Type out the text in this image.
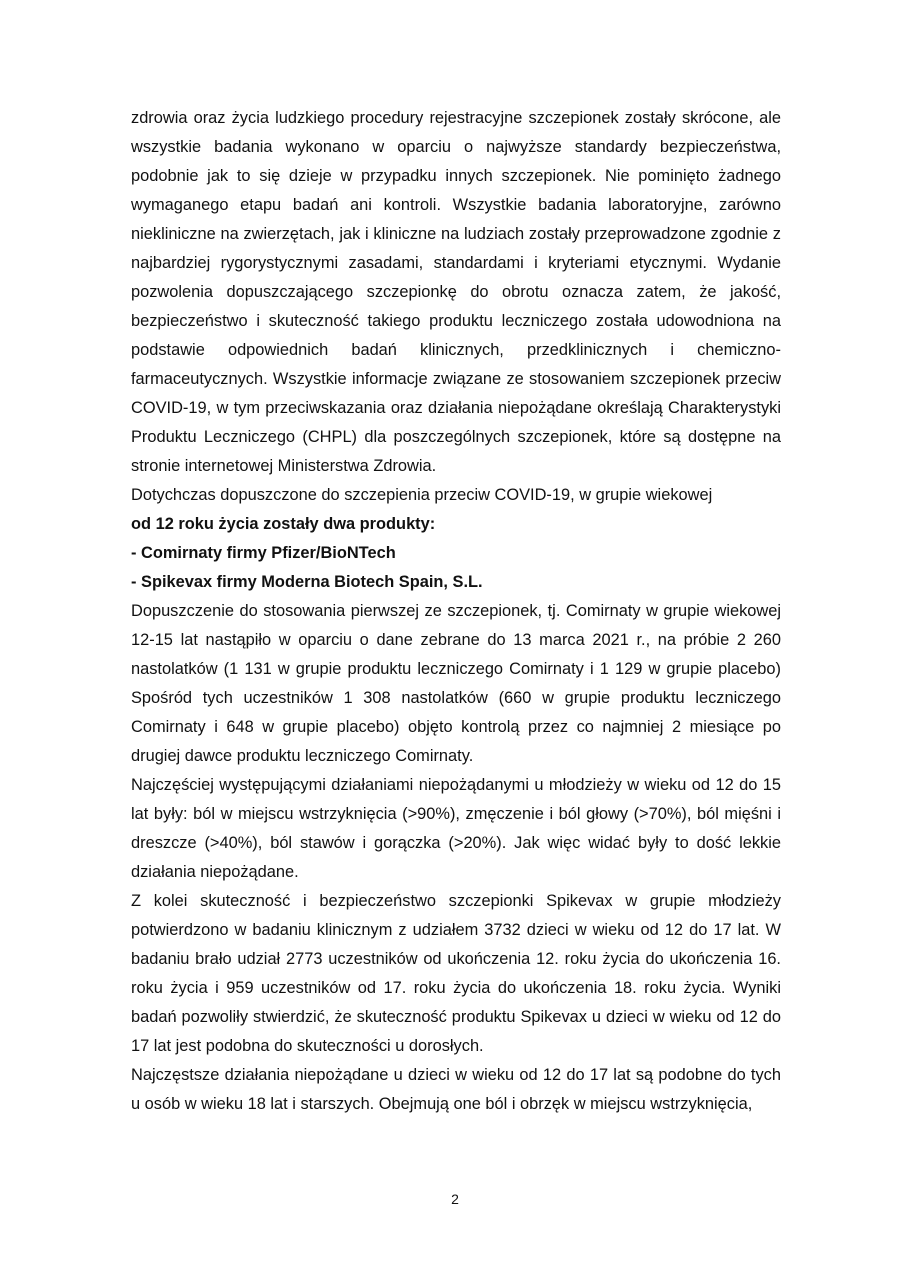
zdrowia oraz życia ludzkiego procedury rejestracyjne szczepionek zostały skrócone, ale wszystkie badania wykonano w oparciu o najwyższe standardy bezpieczeństwa, podobnie jak to się dzieje w przypadku innych szczepionek. Nie pominięto żadnego wymaganego etapu badań ani kontroli. Wszystkie badania laboratoryjne, zarówno niekliniczne na zwierzętach, jak i kliniczne na ludziach zostały przeprowadzone zgodnie z najbardziej rygorystycznymi zasadami, standardami i kryteriami etycznymi. Wydanie pozwolenia dopuszczającego szczepionkę do obrotu oznacza zatem, że jakość, bezpieczeństwo i skuteczność takiego produktu leczniczego została udowodniona na podstawie odpowiednich badań klinicznych, przedklinicznych i chemiczno-farmaceutycznych. Wszystkie informacje związane ze stosowaniem szczepionek przeciw COVID-19, w tym przeciwskazania oraz działania niepożądane określają Charakterystyki Produktu Leczniczego (CHPL) dla poszczególnych szczepionek, które są dostępne na stronie internetowej Ministerstwa Zdrowia.

Dotychczas dopuszczone do szczepienia przeciw COVID-19, w grupie wiekowej

od 12 roku życia zostały dwa produkty:

- Comirnaty firmy Pfizer/BioNTech

- Spikevax firmy Moderna Biotech Spain, S.L.

Dopuszczenie do stosowania pierwszej ze szczepionek, tj. Comirnaty w grupie wiekowej 12-15 lat nastąpiło w oparciu o dane zebrane do 13 marca 2021 r., na próbie 2 260 nastolatków (1 131 w grupie produktu leczniczego Comirnaty i 1 129 w grupie placebo) Spośród tych uczestników 1 308 nastolatków (660 w grupie produktu leczniczego Comirnaty i 648 w grupie placebo) objęto kontrolą przez co najmniej 2 miesiące po drugiej dawce produktu leczniczego Comirnaty.

Najczęściej występującymi działaniami niepożądanymi u młodzieży w wieku od 12 do 15 lat były: ból w miejscu wstrzyknięcia (>90%), zmęczenie i ból głowy (>70%), ból mięśni i dreszcze (>40%), ból stawów i gorączka (>20%). Jak więc widać były to dość lekkie działania niepożądane.

Z kolei skuteczność i bezpieczeństwo szczepionki Spikevax w grupie młodzieży potwierdzono w badaniu klinicznym z udziałem 3732 dzieci w wieku od 12 do 17 lat. W badaniu brało udział 2773 uczestników od ukończenia 12. roku życia do ukończenia 16. roku życia i 959 uczestników od 17. roku życia do ukończenia 18. roku życia. Wyniki badań pozwoliły stwierdzić, że skuteczność produktu Spikevax u dzieci w wieku od 12 do 17 lat jest podobna do skuteczności u dorosłych.

Najczęstsze działania niepożądane u dzieci w wieku od 12 do 17 lat są podobne do tych u osób w wieku 18 lat i starszych. Obejmują one ból i obrzęk w miejscu wstrzyknięcia,

2
